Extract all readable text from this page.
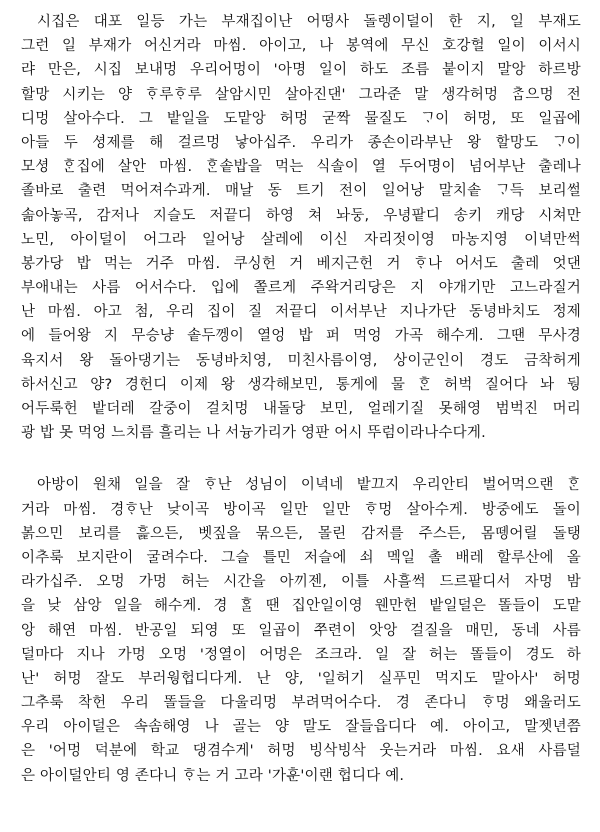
시집은 대포 일등 가는 부재집이난 어떵사 돌렝이덜이 한 지, 일 부재도
그런 일 부재가 어신거라 마씸. 아이고, 나 봉역에 무신 호강헐 일이 이서시
랴 만은, 시집 보내멍 우리어멍이 '아명 일이 하도 조름 붙이지 말앙 하르방
할망 시키는 양 ᄒᆞ루ᄒᆞ루 살암시민 살아진댄' 그라준 말 생각허멍 ᄎᆞᆷ으멍 전
디멍 살아수다. 그 밭일을 도맡앙 허멍 굳짝 물질도 ᄀᆞ이 허멍, 또 일곱에
아들 두 셩제를 해 걸르멍 낳아십주. 우리가 종손이라부난 왕 할망도 ᄀᆞ이
모셩 ᄒᆞᆫ집에 살안 마씸. ᄒᆞᆫ솥밥을 먹는 식솔이 열 두어명이 넘어부난 출레나
졸바로 출련 먹어져수과게. 매날 동 트기 전이 일어낭 말치솥 ᄀᆞ득 보리썰
솖아놓곡, 감저나 지슬도 저끝디 하영 쳐 놔둥, 우녕팥디 송키 캐당 시쳐만
노민, 아이덜이 어그라 일어낭 살레에 이신 자리젓이영 마농지영 이녁만썩
봉가당 밥 먹는 거주 마씸. 쿠싱헌 거 베지근헌 거 ᄒᆞ나 어서도 출레 엇댄
부애내는 사름 어서수다. 입에 쫄르게 주왁거리당은 지 야개기만 고느라질거
난 마씸. 아고 첨, 우리 집이 질 저끝디 이서부난 지나가단 동녕바치도 정제
에 들어왕 지 무승냥 솥두껭이 열엉 밥 퍼 먹엉 가곡 해수게. 그땐 무사경
육지서 왕 돌아댕기는 동녕바치영, 미친사름이영, 상이군인이 경도 금착허게
하서신고 양? 경헌디 이제 왕 생각해보민, 통게에 물 ᄒᆞᆫ 허벅 질어다 놔 뒁
어두룩헌 밭더레 갈중이 걸치멍 내돌당 보민, 얼레기질 못해영 범벅진 머리
광 밥 못 먹엉 느치름 흘리는 나 서늉가리가 영판 어시 뚜럼이라나수다게.

아방이 원채 일을 잘 ᄒᆞ난 성님이 이녁네 밭끄지 우리안티 벌어먹으랜 ᄒᆞᆫ
거라 마씸. 경ᄒᆞ난 낮이곡 방이곡 일만 일만 ᄒᆞ멍 살아수게. 방중에도 돌이
볽으민 보리를 흝으든, 벳짚을 묶으든, 몰린 감저를 주스든, 몸뗑어릴 돌탱
이추룩 보지란이 굴려수다. 그슬 틀민 저슬에 쇠 멕일 촐 배레 할루산에 올
라가십주. 오멍 가멍 허는 시간을 아끼젠, 이틀 사흘썩 드르팥디서 자멍 밤
을 낮 삼앙 일을 해수게. 경 ᄒᆞᆯ 땐 집안일이영 웬만헌 밭일덜은 똘들이 도맡
앙 해연 마씸. 반공일 되영 또 일곱이 쭈련이 앗앙 걸질을 매민, 동네 사름
덜마다 지나 가멍 오멍 '정열이 어멍은 조크라. 일 잘 허는 똘들이 경도 하
난' 허멍 잘도 부러웡헙디다게. 난 양, '일허기 실푸민 먹지도 말아사' 허멍
그추룩 착헌 우리 똘들을 다울리멍 부려먹어수다. 경 존다니 ᄒᆞ멍 왜울러도
우리 아이덜은 속솜해영 나 골는 양 말도 잘들읍디다 예. 아이고, 말젯년쯤
은 '어멍 덕분에 학교 댕겸수게' 허멍 빙삭빙삭 웃는거라 마씸. 요새 사름덜
은 아이덜안티 영 존다니 ᄒᆞ는 거 고라 '가훈'이랜 헙디다 예.
